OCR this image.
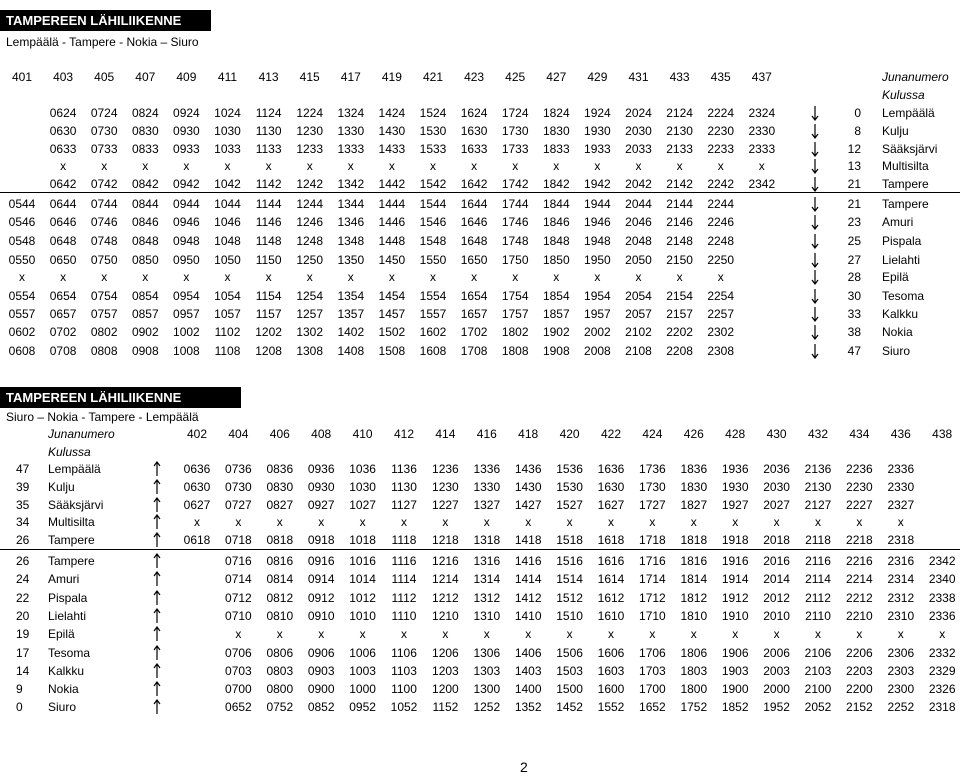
TAMPEREEN LÄHILIIKENNE
Lempäälä - Tampere - Nokia – Siuro
401 403 405 407 409 411 413 415 417 419 421 423 425 427 429 431 433 435 437	Junanumero
Kulussa
0624 0724 0824 0924 1024 1124 1224 1324 1424 1524 1624 1724 1824 1924 2024 2124 2224 2324	0 Lempäälä
0630 0730 0830 0930 1030 1130 1230 1330 1430 1530 1630 1730 1830 1930 2030 2130 2230 2330	8 Kulju
0633 0733 0833 0933 1033 1133 1233 1333 1433 1533 1633 1733 1833 1933 2033 2133 2233 2333	12 Sääksjärvi
x	x	x	x	x	x	x	x	x	x	x	x	x	x	x	x	x	x	13 Multisilta
0642 0742 0842 0942 1042 1142 1242 1342 1442 1542 1642 1742 1842 1942 2042 2142 2242 2342	21 Tampere
0544 0644 0744 0844 0944 1044 1144 1244 1344 1444 1544 1644 1744 1844 1944 2044 2144 2244	21 Tampere
0546 0646 0746 0846 0946 1046 1146 1246 1346 1446 1546 1646 1746 1846 1946 2046 2146 2246	23 Amuri
0548 0648 0748 0848 0948 1048 1148 1248 1348 1448 1548 1648 1748 1848 1948 2048 2148 2248	25 Pispala
0550 0650 0750 0850 0950 1050 1150 1250 1350 1450 1550 1650 1750 1850 1950 2050 2150 2250	27 Lielahti
x	x	x	x	x	x	x	x	x	x	x	x	x	x	x	x	x	x	28 Epilä
0554 0654 0754 0854 0954 1054 1154 1254 1354 1454 1554 1654 1754 1854 1954 2054 2154 2254	30 Tesoma
0557 0657 0757 0857 0957 1057 1157 1257 1357 1457 1557 1657 1757 1857 1957 2057 2157 2257	33 Kalkku
0602 0702 0802 0902 1002 1102 1202 1302 1402 1502 1602 1702 1802 1902 2002 2102 2202 2302	38 Nokia
0608 0708 0808 0908 1008 1108 1208 1308 1408 1508 1608 1708 1808 1908 2008 2108 2208 2308	47 Siuro
TAMPEREEN LÄHILIIKENNE
Siuro – Nokia - Tampere - Lempäälä
Junanumero	402 404 406 408 410 412 414 416 418 420 422 424 426 428 430 432 434 436 438
Kulussa
47 Lempäälä	0636 0736 0836 0936 1036 1136 1236 1336 1436 1536 1636 1736 1836 1936 2036 2136 2236 2336
39 Kulju	0630 0730 0830 0930 1030 1130 1230 1330 1430 1530 1630 1730 1830 1930 2030 2130 2230 2330
35 Sääksjärvi	0627 0727 0827 0927 1027 1127 1227 1327 1427 1527 1627 1727 1827 1927 2027 2127 2227 2327
34 Multisilta	x	x	x	x	x	x	x	x	x	x	x	x	x	x	x	x	x	x
26 Tampere	0618 0718 0818 0918 1018 1118 1218 1318 1418 1518 1618 1718 1818 1918 2018 2118 2218 2318
26 Tampere	0716 0816 0916 1016 1116 1216 1316 1416 1516 1616 1716 1816 1916 2016 2116 2216 2316 2342
24 Amuri	0714 0814 0914 1014 1114 1214 1314 1414 1514 1614 1714 1814 1914 2014 2114 2214 2314 2340
22 Pispala	0712 0812 0912 1012 1112 1212 1312 1412 1512 1612 1712 1812 1912 2012 2112 2212 2312 2338
20 Lielahti	0710 0810 0910 1010 1110 1210 1310 1410 1510 1610 1710 1810 1910 2010 2110 2210 2310 2336
19 Epilä	x	x	x	x	x	x	x	x	x	x	x	x	x	x	x	x	x	x
17 Tesoma	0706 0806 0906 1006 1106 1206 1306 1406 1506 1606 1706 1806 1906 2006 2106 2206 2306 2332
14 Kalkku	0703 0803 0903 1003 1103 1203 1303 1403 1503 1603 1703 1803 1903 2003 2103 2203 2303 2329
9 Nokia	0700 0800 0900 1000 1100 1200 1300 1400 1500 1600 1700 1800 1900 2000 2100 2200 2300 2326
0 Siuro	0652 0752 0852 0952 1052 1152 1252 1352 1452 1552 1652 1752 1852 1952 2052 2152 2252 2318
2
